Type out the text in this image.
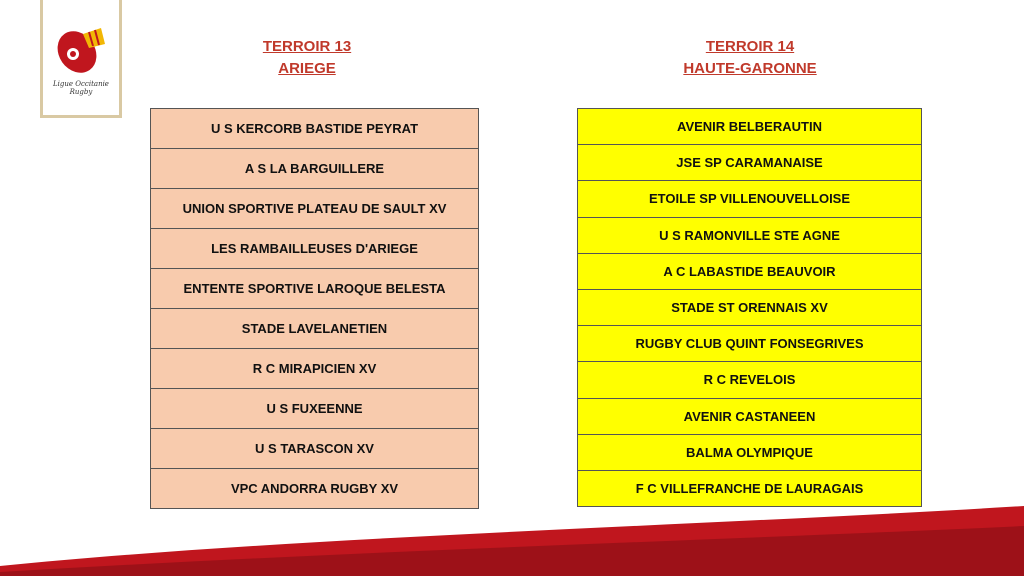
Ligue Occitanie Rugby
TERROIR 13
ARIEGE
TERROIR 14
HAUTE-GARONNE
U S KERCORB BASTIDE PEYRAT
A S LA BARGUILLERE
UNION SPORTIVE PLATEAU DE SAULT XV
LES RAMBAILLEUSES D'ARIEGE
ENTENTE SPORTIVE LAROQUE BELESTA
STADE LAVELANETIEN
R C MIRAPICIEN XV
U S FUXEENNE
U S TARASCON XV
VPC ANDORRA RUGBY XV
AVENIR BELBERAUTIN
JSE SP CARAMANAISE
ETOILE SP VILLENOUVELLOISE
U S RAMONVILLE STE AGNE
A C LABASTIDE BEAUVOIR
STADE ST ORENNAIS XV
RUGBY CLUB QUINT FONSEGRIVES
R C REVELOIS
AVENIR CASTANEEN
BALMA OLYMPIQUE
F C VILLEFRANCHE DE LAURAGAIS
